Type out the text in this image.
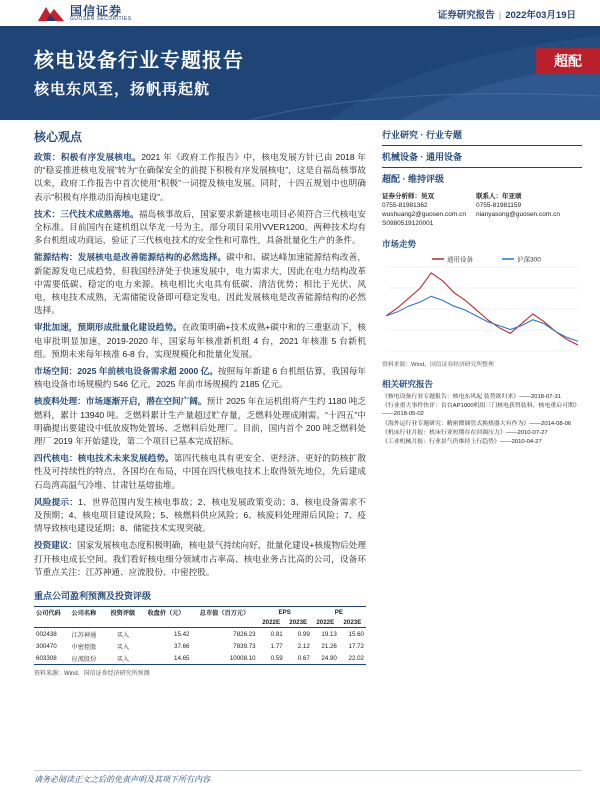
国信证券
GUOSEN SECURITIES	证券研究报告 | 2022年03月19日
核电设备行业专题报告
核电东风至，扬帆再起航
超配
核心观点
政策：积极有序发展核电。2021 年《政府工作报告》中，核电发展方针已由 2018 年的“稳妥推进核电发展”转为“在确保安全的前提下积极有序发展核电”，这是自福岛核事故以来，政府工作报告中首次使用“积极”一词提及核电发展。同时，十四五规划中也明确表示“积极有序推动沿海核电建设”。
技术：三代技术成熟落地。福岛核事故后，国家要求新建核电项目必须符合三代核电安全标准。目前国内在建机组以华龙一号为主，部分项目采用VVER1200。两种技术均有多台机组成功商运，验证了三代核电技术的安全性和可靠性，具备批量化生产的条件。
能源结构：发展核电是改善能源结构的必然选择。碳中和、碳达峰加速能源结构改善，新能源发电已成趋势，但我国经济处于快速发展中，电力需求大，因此在电力结构改革中需要低碳、稳定的电力来源。核电相比火电具有低碳、清洁优势；相比于光伏、风电，核电技术成熟，无需储能设备即可稳定发电，因此发展核电是改善能源结构的必然选择。
审批加速，预期形成批量化建设趋势。在政策明确+技术成熟+碳中和的三重驱动下，核电审批明显加速，2019-2020 年，国家每年核准新机组 4 台，2021 年核准 5 台新机组。预期未来每年核准 6-8 台，实现规模化和批量化发展。
市场空间：2025 年前核电设备需求超 2000 亿。按照每年新建 6 台机组估算，我国每年核电设备市场规模约 546 亿元，2025 年前市场规模约 2185 亿元。
核废料处理：市场逐渐开启，潜在空间广阔。预计 2025 年在运机组将产生约 1180 吨乏燃料，累计 13940 吨。乏燃料累计生产量超过贮存量，乏燃料处理成刚需。“十四五”中明确提出要建设中低放废物处置场、乏燃料后处理厂。目前，国内首个 200 吨乏燃料处理厂 2019 年开始建设，第二个项目已基本完成招标。
四代核电：核电技术未来发展趋势。第四代核电具有更安全、更经济、更好的防核扩散性及可持续性的特点，各国均在布局，中国在四代核电技术上取得领先地位，先后建成石岛湾高温气冷堆、甘肃钍基熔盐堆。
风险提示：1、世界范围内发生核电事故；2、核电发展政策变动；3、核电设备需求不及预期；4、核电项目建设风险；5、核燃料供应风险；6、核废料处理滞后风险；7、疫情导致核电建设延期；8、储能技术实现突破。
投资建议：国家发展核电态度积极明确，核电景气持续向好，批量化建设+核废物后处理打开核电成长空间。我们看好核电细分领域市占率高、核电业务占比高的公司，设备环节重点关注：江苏神通、应流股份、中密控股。
重点公司盈利预测及投资评级
公司代码	公司名称	投资评级	收盘价（元）	总市值（百万元）	EPS		PE	
					2022E	2023E	2022E	2023E
002438	江苏神通	买入	15.42	7826.23	0.81	0.99	19.13	15.60
300470	中密控股	买入	37.66	7839.73	1.77	2.12	21.26	17.72
603308	应流股份	买入	14.65	10008.10	0.59	0.67	24.90	22.02
资料来源：Wind、国信证券经济研究所预测
行业研究 · 行业专题
机械设备 · 通用设备
超配 · 维持评级
证券分析师：吴双
0755-81981362
wushuang2@guosen.com.cn
S0980519120001
联系人：年亚颂
0755-81981159
nianyasong@guosen.com.cn
市场走势
通用设备	沪深300
资料来源：Wind、国信证券经济研究所整理
相关研究报告
《核电设备行业专题报告：核电东风起 装势欲归来》——2018-07-31
《行业重大事件快评：首台AP1000机组三门核电获得装料，核电重启可期》——2018-05-02
《海外运行业专题研究：精密微调管式换热器大有作为》——2014-08-06
《机床行业月报：机床行业短期存在回调压力》——2010-07-27
《工业机械月报：行业景气仍维持上行趋势》——2010-04-27
请务必阅读正文之后的免责声明及其项下所有内容
